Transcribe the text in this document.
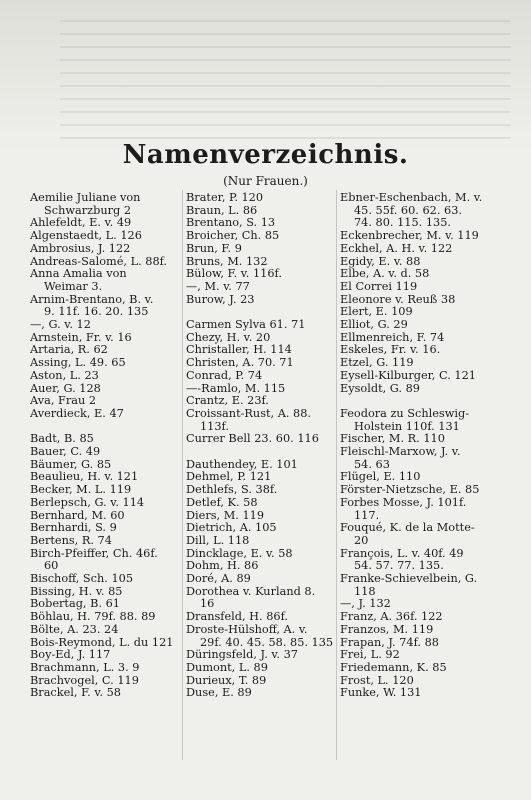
Namenverzeichnis.
(Nur Frauen.)
Aemilie Juliane von
Schwarzburg 2
Ahlefeldt, E. v. 49
Algenstaedt, L. 126
Ambrosius, J. 122
Andreas-Salomé, L. 88f.
Anna Amalia von
Weimar 3.
Arnim-Brentano, B. v.
9. 11f. 16. 20. 135
—, G. v. 12
Arnstein, Fr. v. 16
Artaria, R. 62
Assing, L. 49. 65
Aston, L. 23
Auer, G. 128
Ava, Frau 2
Averdieck, E. 47
Badt, B. 85
Bauer, C. 49
Bäumer, G. 85
Beaulieu, H. v. 121
Becker, M. L. 119
Berlepsch, G. v. 114
Bernhard, M. 60
Bernhardi, S. 9
Bertens, R. 74
Birch-Pfeiffer, Ch. 46f.
60
Bischoff, Sch. 105
Bissing, H. v. 85
Bobertag, B. 61
Böhlau, H. 79f. 88. 89
Bölte, A. 23. 24
Bois-Reymond, L. du 121
Boy-Ed, J. 117
Brachmann, L. 3. 9
Brachvogel, C. 119
Brackel, F. v. 58
Brater, P. 120
Braun, L. 86
Brentano, S. 13
Broicher, Ch. 85
Brun, F. 9
Bruns, M. 132
Bülow, F. v. 116f.
—, M. v. 77
Burow, J. 23
Carmen Sylva 61. 71
Chezy, H. v. 20
Christaller, H. 114
Christen, A. 70. 71
Conrad, P. 74
—-Ramlo, M. 115
Crantz, E. 23f.
Croissant-Rust, A. 88.
113f.
Currer Bell 23. 60. 116
Dauthendey, E. 101
Dehmel, P. 121
Dethlefs, S. 38f.
Detlef, K. 58
Diers, M. 119
Dietrich, A. 105
Dill, L. 118
Dincklage, E. v. 58
Dohm, H. 86
Doré, A. 89
Dorothea v. Kurland 8.
16
Dransfeld, H. 86f.
Droste-Hülshoff, A. v.
29f. 40. 45. 58. 85. 135
Düringsfeld, J. v. 37
Dumont, L. 89
Durieux, T. 89
Duse, E. 89
Ebner-Eschenbach, M. v.
45. 55f. 60. 62. 63.
74. 80. 115. 135.
Eckenbrecher, M. v. 119
Eckhel, A. H. v. 122
Egidy, E. v. 88
Elbe, A. v. d. 58
El Correi 119
Eleonore v. Reuß 38
Elert, E. 109
Elliot, G. 29
Ellmenreich, F. 74
Eskeles, Fr. v. 16.
Etzel, G. 119
Eysell-Kilburger, C. 121
Eysoldt, G. 89
Feodora zu Schleswig-
Holstein 110f. 131
Fischer, M. R. 110
Fleischl-Marxow, J. v.
54. 63
Flügel, E. 110
Förster-Nietzsche, E. 85
Forbes Mosse, J. 101f.
117.
Fouqué, K. de la Motte-
20
François, L. v. 40f. 49
54. 57. 77. 135.
Franke-Schievelbein, G.
118
—, J. 132
Franz, A. 36f. 122
Franzos, M. 119
Frapan, J. 74f. 88
Frei, L. 92
Friedemann, K. 85
Frost, L. 120
Funke, W. 131
